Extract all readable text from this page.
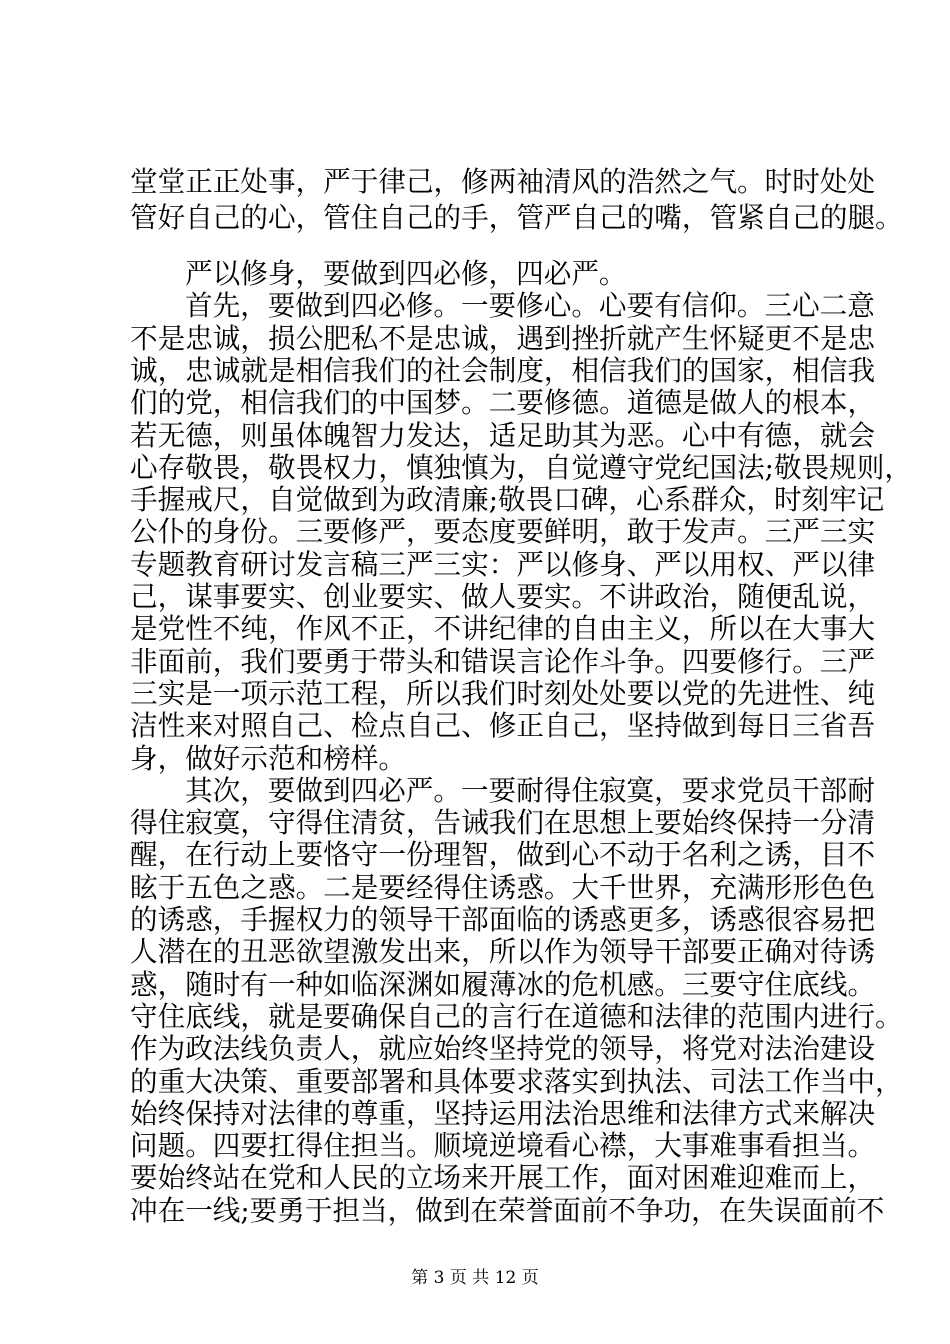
堂堂正正处事，严于律己，修两袖清风的浩然之气。时时处处
管好自己的心，管住自己的手，管严自己的嘴，管紧自己的腿。
严以修身，要做到四必修，四必严。
首先，要做到四必修。一要修心。心要有信仰。三心二意
不是忠诚，损公肥私不是忠诚，遇到挫折就产生怀疑更不是忠
诚，忠诚就是相信我们的社会制度，相信我们的国家，相信我
们的党，相信我们的中国梦。二要修德。道德是做人的根本，
若无德，则虽体魄智力发达，适足助其为恶。心中有德，就会
心存敬畏，敬畏权力，慎独慎为，自觉遵守党纪国法;敬畏规则，
手握戒尺，自觉做到为政清廉;敬畏口碑，心系群众，时刻牢记
公仆的身份。三要修严，要态度要鲜明，敢于发声。三严三实
专题教育研讨发言稿三严三实：严以修身、严以用权、严以律
己，谋事要实、创业要实、做人要实。不讲政治，随便乱说，
是党性不纯，作风不正，不讲纪律的自由主义，所以在大事大
非面前，我们要勇于带头和错误言论作斗争。四要修行。三严
三实是一项示范工程，所以我们时刻处处要以党的先进性、纯
洁性来对照自己、检点自己、修正自己，坚持做到每日三省吾
身，做好示范和榜样。
其次，要做到四必严。一要耐得住寂寞，要求党员干部耐
得住寂寞，守得住清贫，告诫我们在思想上要始终保持一分清
醒，在行动上要恪守一份理智，做到心不动于名利之诱，目不
眩于五色之惑。二是要经得住诱惑。大千世界，充满形形色色
的诱惑，手握权力的领导干部面临的诱惑更多，诱惑很容易把
人潜在的丑恶欲望激发出来，所以作为领导干部要正确对待诱
惑，随时有一种如临深渊如履薄冰的危机感。三要守住底线。
守住底线，就是要确保自己的言行在道德和法律的范围内进行。
作为政法线负责人，就应始终坚持党的领导，将党对法治建设
的重大决策、重要部署和具体要求落实到执法、司法工作当中，
始终保持对法律的尊重，坚持运用法治思维和法律方式来解决
问题。四要扛得住担当。顺境逆境看心襟，大事难事看担当。
要始终站在党和人民的立场来开展工作，面对困难迎难而上，
冲在一线;要勇于担当，做到在荣誉面前不争功，在失误面前不
第 3 页 共 12 页
